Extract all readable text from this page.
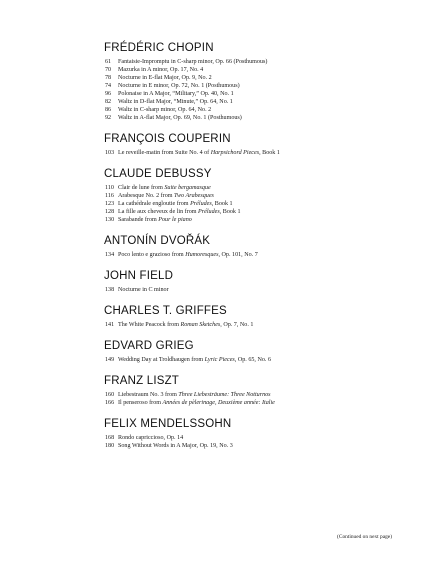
FRÉDÉRIC CHOPIN
61	Fantaisie-Impromptu in C-sharp minor, Op. 66 (Posthumous)
70	Mazurka in A minor, Op. 17, No. 4
78	Nocturne in E-flat Major, Op. 9, No. 2
74	Nocturne in E minor, Op. 72, No. 1 (Posthumous)
96	Polonaise in A Major, “Military,” Op. 40, No. 1
82	Waltz in D-flat Major, “Minute,” Op. 64, No. 1
86	Waltz in C-sharp minor, Op. 64, No. 2
92	Waltz in A-flat Major, Op. 69, No. 1 (Posthumous)
FRANÇOIS COUPERIN
103 Le reveille-matin from Suite No. 4 of Harpsichord Pieces, Book 1
CLAUDE DEBUSSY
110 Clair de lune from Suite bergamasque
116 Arabesque No. 2 from Two Arabesques
123 La cathédrale engloutie from Préludes, Book 1
128 La fille aux cheveux de lin from Préludes, Book 1
130 Sarabande from Pour le piano
ANTONÍN DVOŘÁK
134 Poco lento e grazioso from Humoresques, Op. 101, No. 7
JOHN FIELD
138 Nocturne in C minor
CHARLES T. GRIFFES
141 The White Peacock from Roman Sketches, Op. 7, No. 1
EDVARD GRIEG
149 Wedding Day at Troldhaugen from Lyric Pieces, Op. 65, No. 6
FRANZ LISZT
160 Liebestraum No. 3 from Three Liebesträume: Three Notturnos
166 Il penseroso from Années de pèlerinage, Deuxième année: Italie
FELIX MENDELSSOHN
168 Rondo capriccioso, Op. 14
180 Song Without Words in A Major, Op. 19, No. 3
(Continued on next page)
